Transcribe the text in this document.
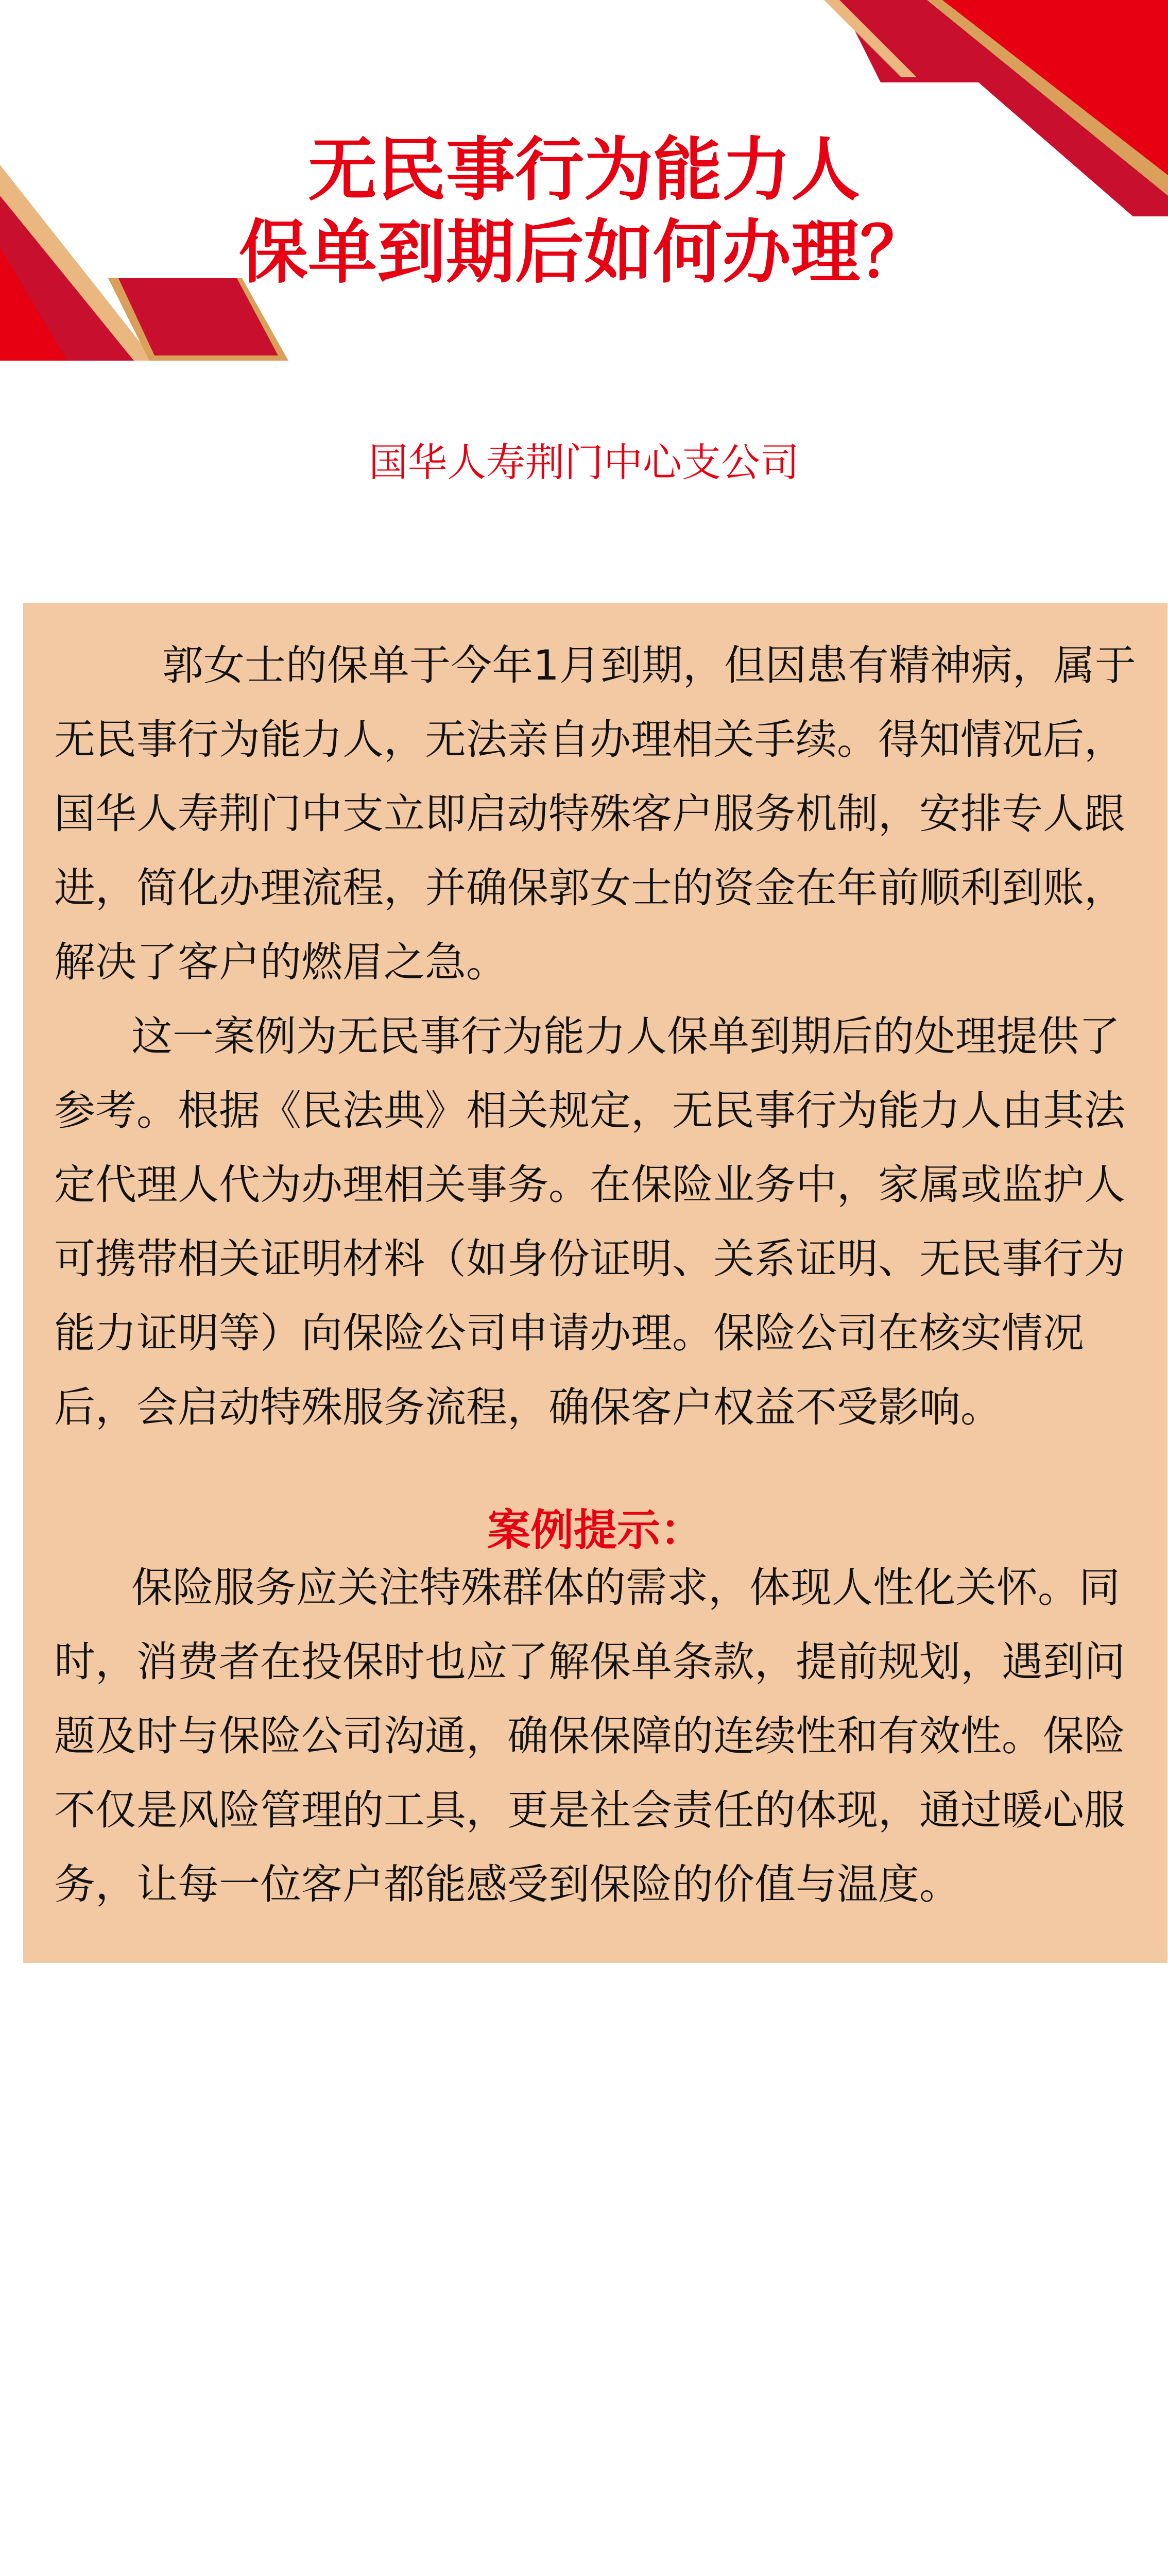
无民事行为能力人
保单到期后如何办理？
国华人寿荆门中心支公司

郭女士的保单于今年1月到期，但因患有精神病，属于无民事行为能力人，无法亲自办理相关手续。得知情况后，国华人寿荆门中支立即启动特殊客户服务机制，安排专人跟进，简化办理流程，并确保郭女士的资金在年前顺利到账，解决了客户的燃眉之急。

这一案例为无民事行为能力人保单到期后的处理提供了参考。根据《民法典》相关规定，无民事行为能力人由其法定代理人代为办理相关事务。在保险业务中，家属或监护人可携带相关证明材料（如身份证明、关系证明、无民事行为能力证明等）向保险公司申请办理。保险公司在核实情况后，会启动特殊服务流程，确保客户权益不受影响。

案例提示：

保险服务应关注特殊群体的需求，体现人性化关怀。同时，消费者在投保时也应了解保单条款，提前规划，遇到问题及时与保险公司沟通，确保保障的连续性和有效性。保险不仅是风险管理的工具，更是社会责任的体现，通过暖心服务，让每一位客户都能感受到保险的价值与温度。
